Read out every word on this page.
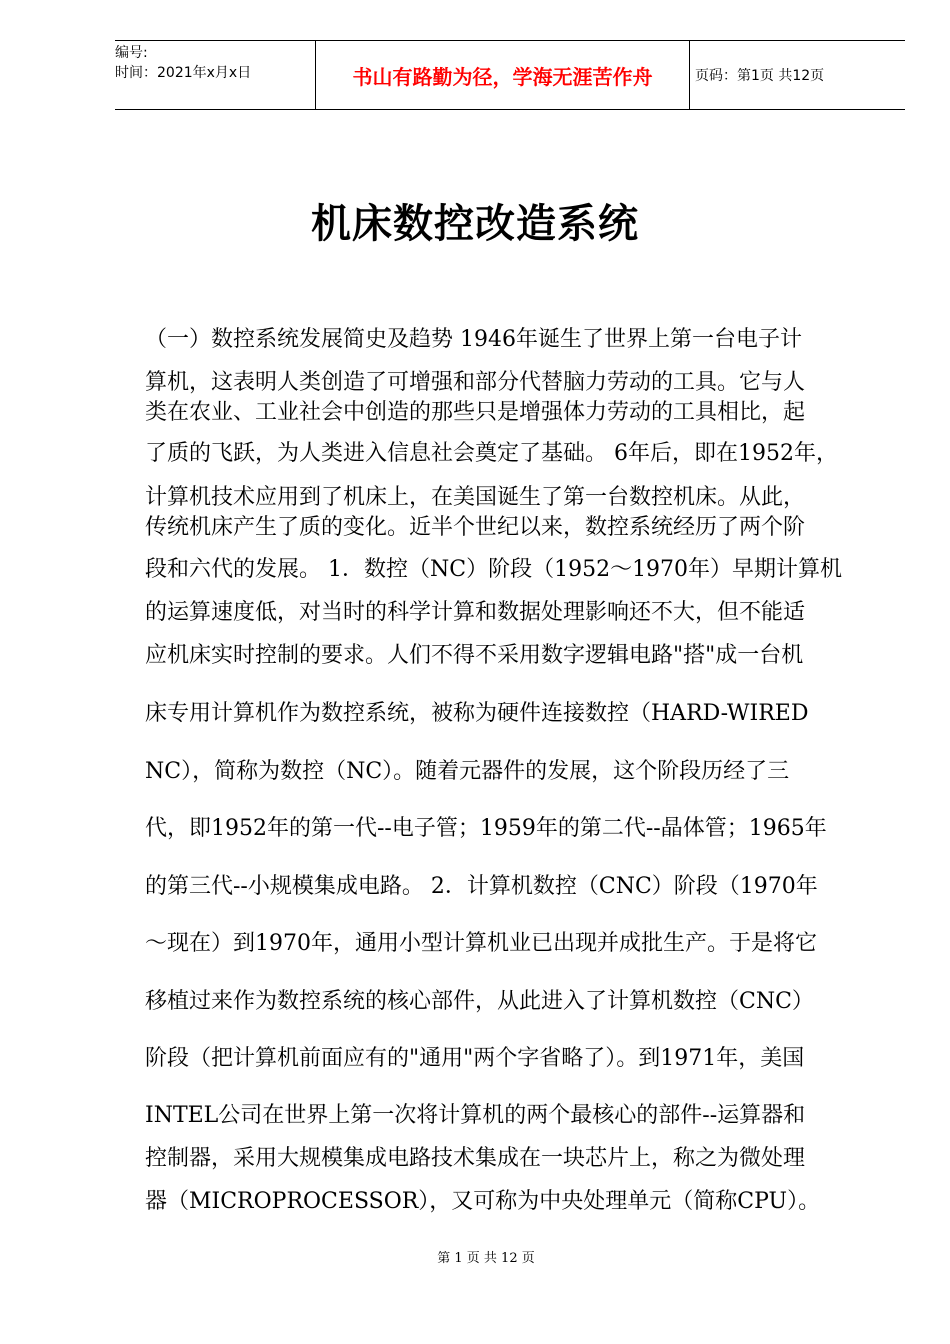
编号:
时间：2021年x月x日	书山有路勤为径，学海无涯苦作舟	页码：第1页 共12页
机床数控改造系统
（一）数控系统发展简史及趋势 1946年诞生了世界上第一台电子计
算机，这表明人类创造了可增强和部分代替脑力劳动的工具。它与人
类在农业、工业社会中创造的那些只是增强体力劳动的工具相比，起
了质的飞跃，为人类进入信息社会奠定了基础。 6年后，即在1952年，
计算机技术应用到了机床上，在美国诞生了第一台数控机床。从此，
传统机床产生了质的变化。近半个世纪以来，数控系统经历了两个阶
段和六代的发展。 1．数控（NC）阶段（1952～1970年）早期计算机
的运算速度低，对当时的科学计算和数据处理影响还不大，但不能适
应机床实时控制的要求。人们不得不采用数字逻辑电路"搭"成一台机
床专用计算机作为数控系统，被称为硬件连接数控（HARD-WIRED
NC），简称为数控（NC）。随着元器件的发展，这个阶段历经了三
代，即1952年的第一代--电子管；1959年的第二代--晶体管；1965年
的第三代--小规模集成电路。 2．计算机数控（CNC）阶段（1970年
～现在）到1970年，通用小型计算机业已出现并成批生产。于是将它
移植过来作为数控系统的核心部件，从此进入了计算机数控（CNC）
阶段（把计算机前面应有的"通用"两个字省略了）。到1971年，美国
INTEL公司在世界上第一次将计算机的两个最核心的部件--运算器和
控制器，采用大规模集成电路技术集成在一块芯片上，称之为微处理
器（MICROPROCESSOR），又可称为中央处理单元（简称CPU）。
第 1 页 共 12 页
